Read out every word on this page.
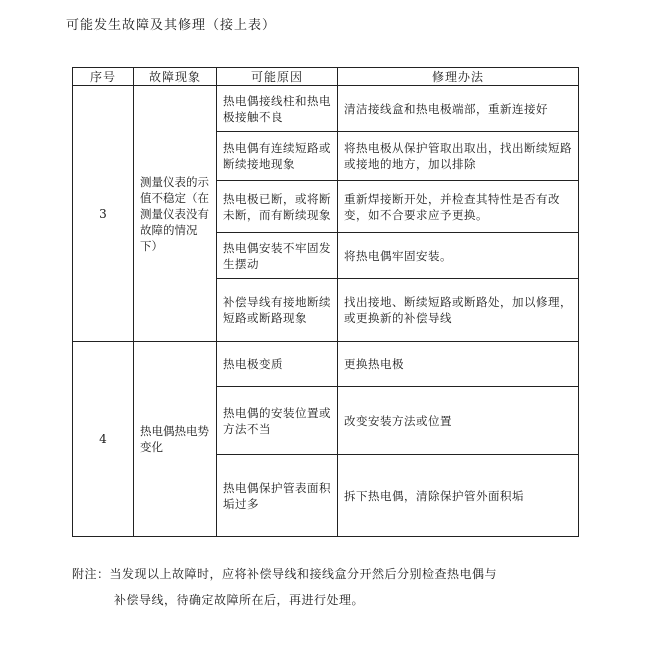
可能发生故障及其修理（接上表）
序号	故障现象	可能原因	修理办法
3	测量仪表的示值不稳定（在测量仪表没有故障的情况下）	热电偶接线柱和热电极接触不良	清洁接线盒和热电极端部，重新连接好
		热电偶有连续短路或断续接地现象	将热电极从保护管取出取出，找出断续短路或接地的地方，加以排除
		热电极已断，或将断未断，而有断续现象	重新焊接断开处，并检查其特性是否有改变，如不合要求应予更换。
		热电偶安装不牢固发生摆动	将热电偶牢固安装。
		补偿导线有接地断续短路或断路现象	找出接地、断续短路或断路处，加以修理，或更换新的补偿导线
4	热电偶热电势变化	热电极变质	更换热电极
		热电偶的安装位置或方法不当	改变安装方法或位置
		热电偶保护管表面积垢过多	拆下热电偶，清除保护管外面积垢
附注：当发现以上故障时，应将补偿导线和接线盒分开然后分别检查热电偶与
补偿导线，待确定故障所在后，再进行处理。
